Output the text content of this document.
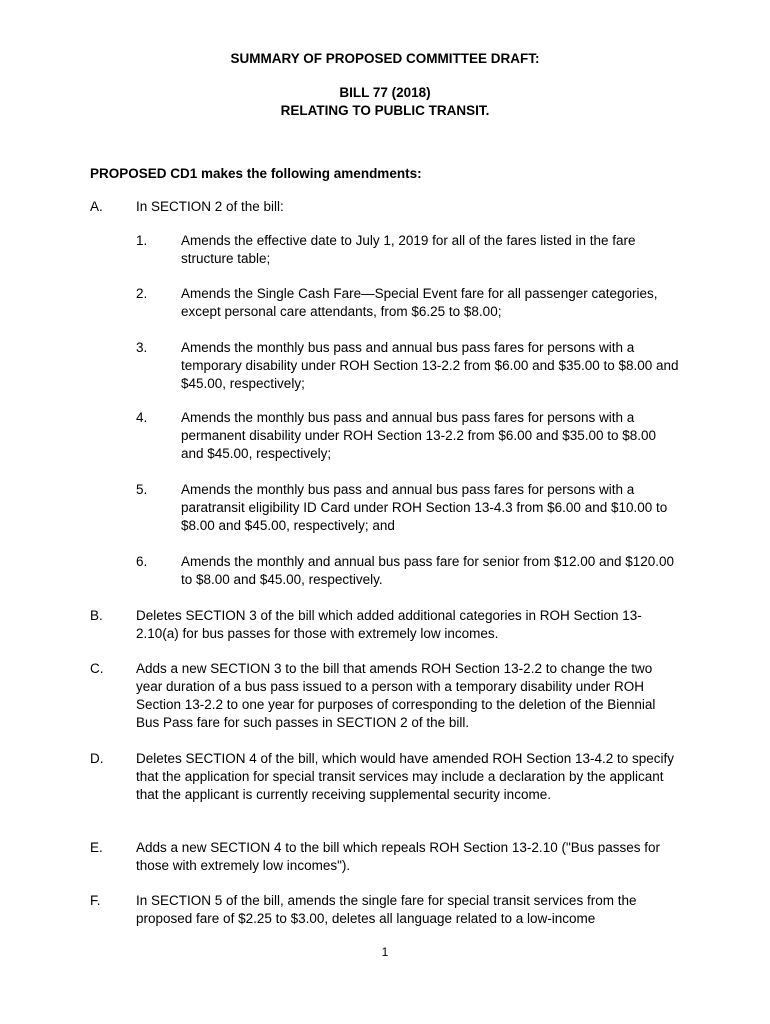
SUMMARY OF PROPOSED COMMITTEE DRAFT:
BILL 77 (2018)
RELATING TO PUBLIC TRANSIT.
PROPOSED CD1 makes the following amendments:
A. In SECTION 2 of the bill:
1. Amends the effective date to July 1, 2019 for all of the fares listed in the fare structure table;
2. Amends the Single Cash Fare—Special Event fare for all passenger categories, except personal care attendants, from $6.25 to $8.00;
3. Amends the monthly bus pass and annual bus pass fares for persons with a temporary disability under ROH Section 13-2.2 from $6.00 and $35.00 to $8.00 and $45.00, respectively;
4. Amends the monthly bus pass and annual bus pass fares for persons with a permanent disability under ROH Section 13-2.2 from $6.00 and $35.00 to $8.00 and $45.00, respectively;
5. Amends the monthly bus pass and annual bus pass fares for persons with a paratransit eligibility ID Card under ROH Section 13-4.3 from $6.00 and $10.00 to $8.00 and $45.00, respectively; and
6. Amends the monthly and annual bus pass fare for senior from $12.00 and $120.00 to $8.00 and $45.00, respectively.
B. Deletes SECTION 3 of the bill which added additional categories in ROH Section 13-2.10(a) for bus passes for those with extremely low incomes.
C. Adds a new SECTION 3 to the bill that amends ROH Section 13-2.2 to change the two year duration of a bus pass issued to a person with a temporary disability under ROH Section 13-2.2 to one year for purposes of corresponding to the deletion of the Biennial Bus Pass fare for such passes in SECTION 2 of the bill.
D. Deletes SECTION 4 of the bill, which would have amended ROH Section 13-4.2 to specify that the application for special transit services may include a declaration by the applicant that the applicant is currently receiving supplemental security income.
E. Adds a new SECTION 4 to the bill which repeals ROH Section 13-2.10 ("Bus passes for those with extremely low incomes").
F.	In SECTION 5 of the bill, amends the single fare for special transit services from the proposed fare of $2.25 to $3.00, deletes all language related to a low-income
1
